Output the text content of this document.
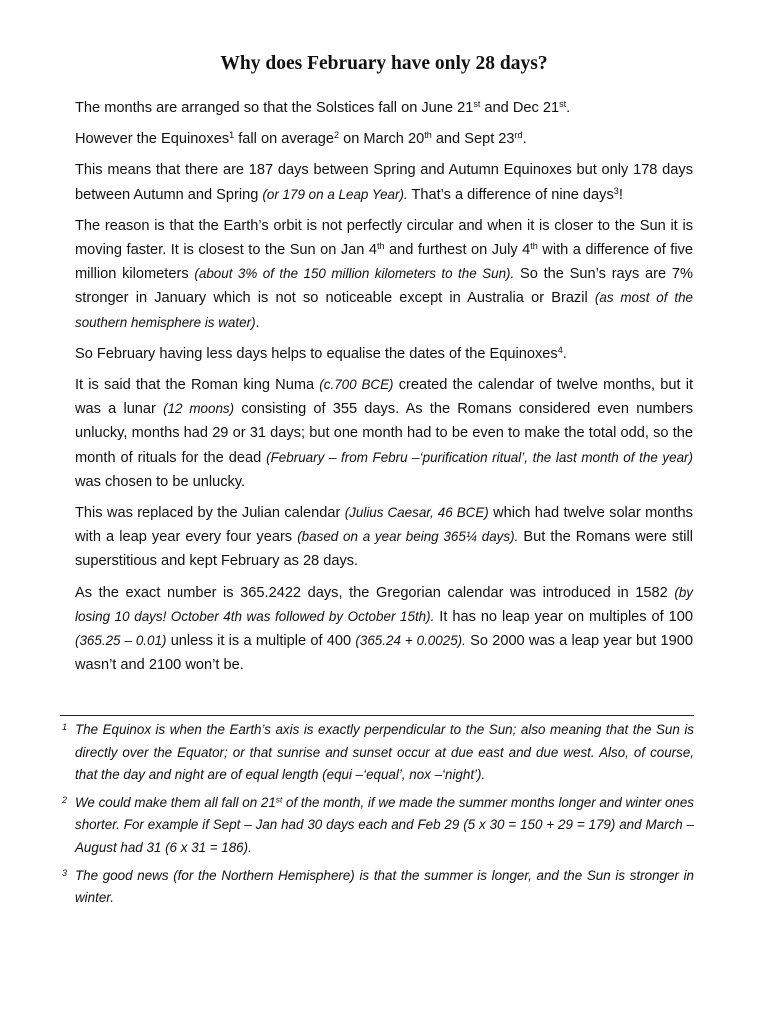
Why does February have only 28 days?

The months are arranged so that the Solstices fall on June 21st and Dec 21st.

However the Equinoxes$^1$ fall on average$^2$ on March 20th and Sept 23rd.

This means that there are 187 days between Spring and Autumn Equinoxes but only 178 days between Autumn and Spring (or 179 on a Leap Year). That’s a difference of nine days$^3$!

The reason is that the Earth’s orbit is not perfectly circular and when it is closer to the Sun it is moving faster. It is closest to the Sun on Jan 4th and furthest on July 4th with a difference of five million kilometers (about 3% of the 150 million kilometers to the Sun). So the Sun’s rays are 7% stronger in January which is not so noticeable except in Australia or Brazil (as most of the southern hemisphere is water).

So February having less days helps to equalise the dates of the Equinoxes$^4$.

It is said that the Roman king Numa (c.700 BCE) created the calendar of twelve months, but it was a lunar (12 moons) consisting of 355 days. As the Romans considered even numbers unlucky, months had 29 or 31 days; but one month had to be even to make the total odd, so the month of rituals for the dead (February – from Febru –‘purification ritual’, the last month of the year) was chosen to be unlucky.

This was replaced by the Julian calendar (Julius Caesar, 46 BCE) which had twelve solar months with a leap year every four years (based on a year being 365¼ days). But the Romans were still superstitious and kept February as 28 days.

As the exact number is 365.2422 days, the Gregorian calendar was introduced in 1582 (by losing 10 days! October 4th was followed by October 15th). It has no leap year on multiples of 100 (365.25 – 0.01) unless it is a multiple of 400 (365.24 + 0.0025). So 2000 was a leap year but 1900 wasn’t and 2100 won’t be.

1 The Equinox is when the Earth’s axis is exactly perpendicular to the Sun; also meaning that the Sun is directly over the Equator; or that sunrise and sunset occur at due east and due west. Also, of course, that the day and night are of equal length (equi –‘equal’, nox –‘night’).
2 We could make them all fall on 21st of the month, if we made the summer months longer and winter ones shorter. For example if Sept – Jan had 30 days each and Feb 29 (5 x 30 = 150 + 29 = 179) and March – August had 31 (6 x 31 = 186).
3 The good news (for the Northern Hemisphere) is that the summer is longer, and the Sun is stronger in winter.
